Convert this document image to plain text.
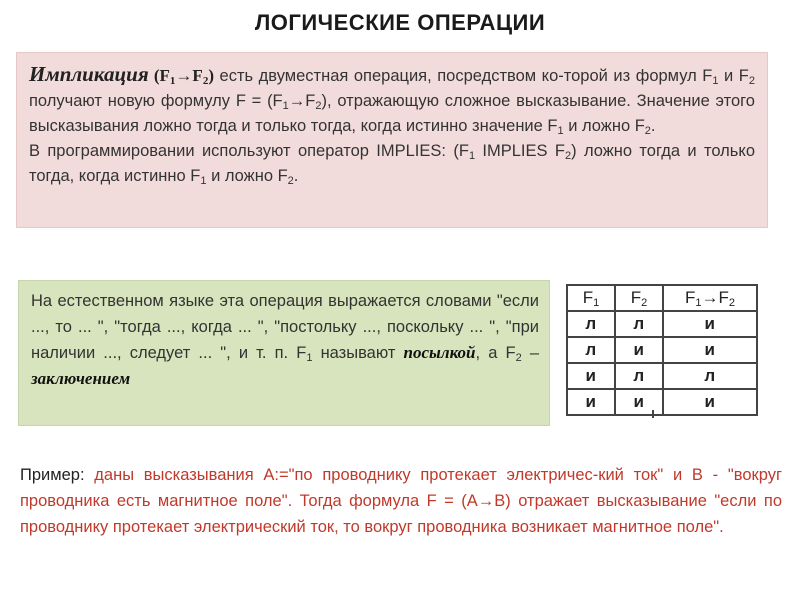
ЛОГИЧЕСКИЕ ОПЕРАЦИИ
Импликация $(F_1\to F_2)$ есть двуместная операция, посредством ко-торой из формул $F_1$ и $F_2$ получают новую формулу $F = (F_1\to F_2)$, отражающую сложное высказывание. Значение этого высказывания ложно тогда и только тогда, когда истинно значение $F_1$ и ложно $F_2$.
В программировании используют оператор IMPLIES: ($F_1$ IMPLIES $F_2$) ложно тогда и только тогда, когда истинно $F_1$ и ложно $F_2$.
На естественном языке эта операция выражается словами "если ..., то ... ", "тогда ..., когда ... ", "постольку ..., поскольку ... ", "при наличии ..., следует ... ", и т. п. $F_1$ называют посылкой, а $F_2$ – заключением
$F_1$	$F_2$	$F_1\to F_2$
л	л	и
л	и	и
и	л	л
и	и	и
Пример: даны высказывания А:="по проводнику протекает электричес-кий ток" и В - "вокруг проводника есть магнитное поле". Тогда формула F = (A→B) отражает высказывание "если по проводнику протекает электрический ток, то вокруг проводника возникает магнитное поле".
